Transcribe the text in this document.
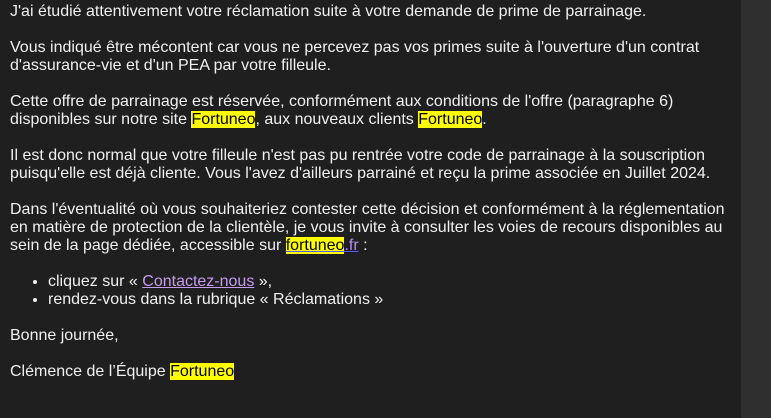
J'ai étudié attentivement votre réclamation suite à votre demande de prime de parrainage.

Vous indiqué être mécontent car vous ne percevez pas vos primes suite à l'ouverture d'un contrat d'assurance-vie et d'un PEA par votre filleule.

Cette offre de parrainage est réservée, conformément aux conditions de l'offre (paragraphe 6) disponibles sur notre site Fortuneo, aux nouveaux clients Fortuneo.

Il est donc normal que votre filleule n'est pas pu rentrée votre code de parrainage à la souscription puisqu'elle est déjà cliente. Vous l'avez d'ailleurs parrainé et reçu la prime associée en Juillet 2024.

Dans l'éventualité où vous souhaiteriez contester cette décision et conformément à la réglementation en matière de protection de la clientèle, je vous invite à consulter les voies de recours disponibles au sein de la page dédiée, accessible sur fortuneo.fr :

• cliquez sur « Contactez-nous »,
• rendez-vous dans la rubrique « Réclamations »

Bonne journée,

Clémence de l’Équipe Fortuneo
